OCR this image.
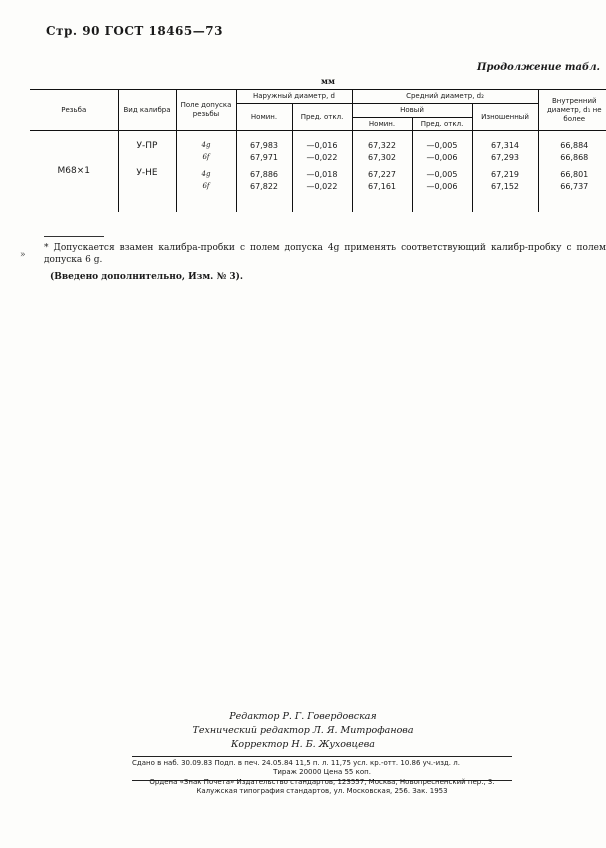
Стр. 90 ГОСТ 18465—73
Продолжение табл.
мм
Резьба	Вид калибра	Поле допуска резьбы	Наружный диаметр, d		Средний диаметр, d₂			Внутренний диаметр, d₁ не более
			Номин.	Пред. откл.	Новый		Изношенный	
					Номин.	Пред. откл.		
M68×1	У-ПР	4g	67,983	—0,016	67,322	—0,005	67,314	66,884
		6f	67,971	—0,022	67,302	—0,006	67,293	66,868
	У-НЕ	4g	67,886	—0,018	67,227	—0,005	67,219	66,801
		6f	67,822	—0,022	67,161	—0,006	67,152	66,737
»
* Допускается взамен калибра-пробки с полем допуска 4g применять соответствующий калибр-пробку с полем допуска 6 g.
(Введено дополнительно, Изм. № 3).
Редактор Р. Г. Говердовская
Технический редактор Л. Я. Митрофанова
Корректор Н. Б. Жуховцева
Сдано в наб. 30.09.83 Подп. в печ. 24.05.84 11,5 п. л. 11,75 усл. кр.-отт. 10.86 уч.-изд. л.
Тираж 20000 Цена 55 коп.
Ордена «Знак Почета» Издательство стандартов, 123557, Москва, Новопресненский пер., 3.
Калужская типография стандартов, ул. Московская, 256. Зак. 1953
